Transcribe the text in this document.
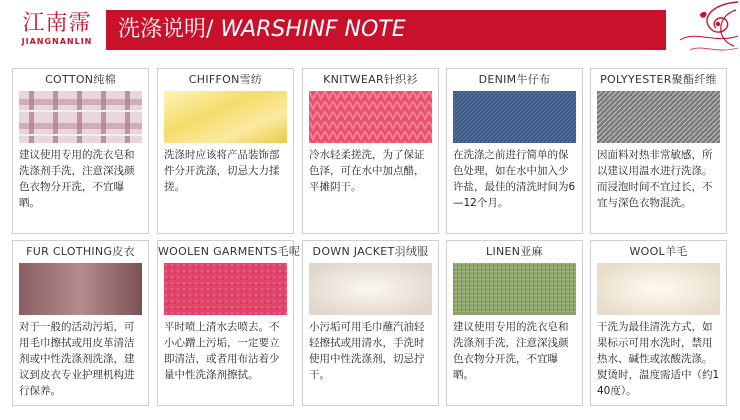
江南霈
JIANGNANLIN	洗涤说明/ WARSHINF NOTE
COTTON纯棉
建议使用专用的洗衣皂和洗涤剂手洗，注意深浅颜色衣物分开洗，不宜曝晒。
CHIFFON雪纺
洗涤时应该将产品装饰部件分开洗涤，切忌大力揉搓。
KNITWEAR针织衫
冷水轻柔搓洗，为了保证色泽，可在水中加点醋，平摊阴干。
DENIM牛仔布
在洗涤之前进行简单的保色处理，如在水中加入少许盐，最佳的清洗时间为6—12个月。
POLYYESTER聚酯纤维
因面料对热非常敏感，所以建议用温水进行洗涤。而浸泡时间不宜过长，不宜与深色衣物混洗。
FUR CLOTHING皮衣
对于一般的活动污垢，可用毛巾擦拭或用皮革清洁剂或中性洗涤剂洗涤，建议到皮衣专业护理机构进行保养。
WOOLEN GARMENTS毛呢
平时喷上清水去喷去。不小心蹭上污垢，一定要立即清洁，或者用布沾着少量中性洗涤剂擦拭。
DOWN JACKET羽绒服
小污垢可用毛巾蘸汽油轻轻擦拭或用清水，手洗时使用中性洗涤剂，切忌拧干。
LINEN亚麻
建议使用专用的洗衣皂和洗涤剂手洗，注意深浅颜色衣物分开洗，不宜曝晒。
WOOL羊毛
干洗为最佳清洗方式，如果标示可用水洗时，禁用热水、碱性或浓酸洗涤。熨烫时，温度需适中（约140度）。
